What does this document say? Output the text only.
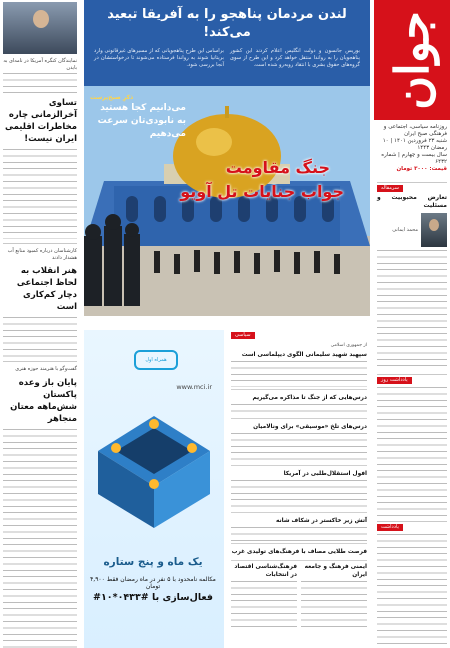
جوان
روزنامه سیاسی، اجتماعی و فرهنگی صبح ایران
شنبه ۲۳ فروردین ۱۴۰۱ | ۱۰ رمضان ۱۴۴۳
سال بیست و چهارم | شماره ۶۴۳۲
قیمت: ۳۰۰۰ تومان
سرمقاله
تعارض محبوبیت و مسئلیت
محمد ایمانی
یادداشت روز
یادداشت
لندن مردمان پناهجو را به آفریقا تبعید می‌کند!

بوریس جانسون و دولت انگلیس اعلام کردند این کشور پناهجویان را به رواندا منتقل خواهد کرد و این طرح از سوی گروه‌های حقوق بشری با انتقاد روبه‌رو شده است.

براساس این طرح پناهجویانی که از مسیرهای غیرقانونی وارد بریتانیا شوند به رواندا فرستاده می‌شوند تا درخواستشان در آنجا بررسی شود.

ذکرِ صبح‌پرست
می‌دانیم کجا هستید به نابودی‌تان سرعت می‌دهیم
جنگ مقاومت
جواب جنایات تل آویو
نمایندگان کنگره آمریکا در نامه‌ای به بایدن
تساوی آخرالزمانی چاره مخاطرات اقلیمی ایران نیست!
کارشناسان درباره کمبود منابع آب هشدار دادند
هنر انقلاب به لحاظ اجتماعی دچار کم‌کاری است
گفت‌وگو با هنرمند حوزه هنری
پایان باز وعده پاکستان شش‌ماهه معتان منجاهر
همراه اول
www.mci.ir
یک ماه و پنج ستاره
مکالمه نامحدود با ۵ نفر در ماه رمضان فقط ۴,۹۰۰ تومان
فعال‌سازی با #۰۴۳۳*۱۰#
سیاسی
از جمهوری اسلامی
سپهبد شهید سلیمانی الگوی دیپلماسی است
درس‌هایی که از جنگ تا مذاکره می‌گیریم
درس‌های تلخ «موسیقی» برای ونالامیان
افول استقلال‌طلبی در آمریکا
آتش زیر خاکستر در شکاف شانه
فرصت طلایی مصاف با فرهنگ‌های تولیدی غرب
ایمنی فرهنگ و جامعه ایران
فرهنگ‌شناسی اقتصاد در انتخابات
